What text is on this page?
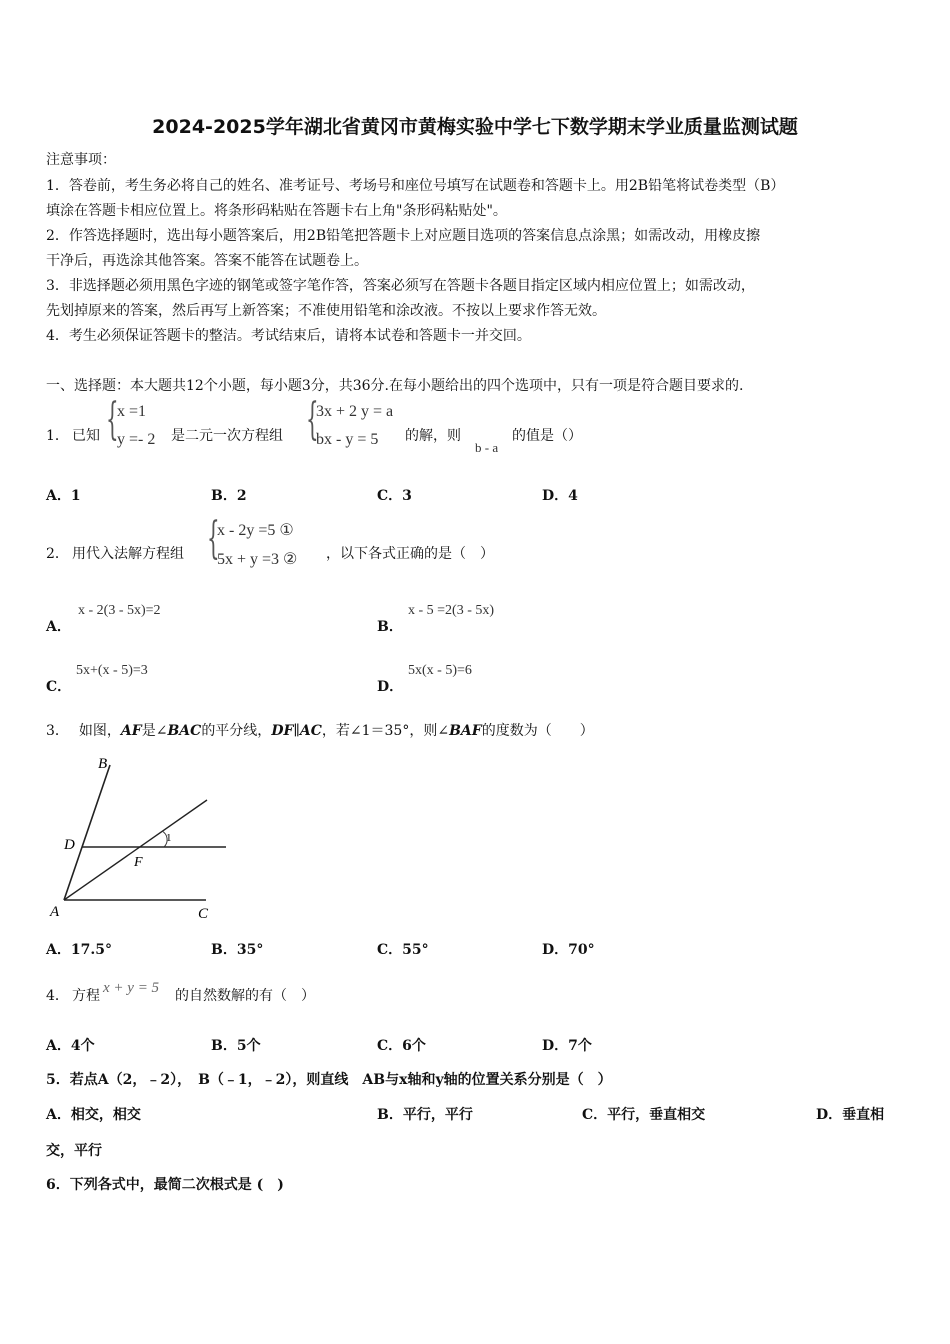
2024-2025学年湖北省黄冈市黄梅实验中学七下数学期末学业质量监测试题
注意事项：
1．答卷前，考生务必将自己的姓名、准考证号、考场号和座位号填写在试题卷和答题卡上。用2B铅笔将试卷类型（B）
填涂在答题卡相应位置上。将条形码粘贴在答题卡右上角"条形码粘贴处"。
2．作答选择题时，选出每小题答案后，用2B铅笔把答题卡上对应题目选项的答案信息点涂黑；如需改动，用橡皮擦
干净后，再选涂其他答案。答案不能答在试题卷上。
3．非选择题必须用黑色字迹的钢笔或签字笔作答，答案必须写在答题卡各题目指定区域内相应位置上；如需改动，
先划掉原来的答案，然后再写上新答案；不准使用铅笔和涂改液。不按以上要求作答无效。
4．考生必须保证答题卡的整洁。考试结束后，请将本试卷和答题卡一并交回。
一、选择题：本大题共12个小题，每小题3分，共36分.在每小题给出的四个选项中，只有一项是符合题目要求的.
1． 已知 {
x =1
y =- 2 是二元一次方程组 {
3x + 2 y = a
bx - y = 5 的解，则
b - a
的值是（）
A．1	B．2	C．3	D．4
2． 用代入法解方程组 {
x - 2y =5 ①
5x + y =3 ② ，以下各式正确的是（　）
A．
x - 2(3 - 5x)=2
B．
x - 5 =2(3 - 5x)
C．
5x+(x - 5)=3
D．
5x(x - 5)=6
3． 如图，AF是∠BAC的平分线，DF∥AC，若∠1＝35°，则∠BAF的度数为（　　）
B
D
F
A	C
1
A．17.5°	B．35°	C．55°	D．70°
4． 方程 x + y = 5 的自然数解的有（　）
A．4个	B．5个	C．6个	D．7个
5．若点A（2，﹣2），　B（﹣1，﹣2），则直线　AB与x轴和y轴的位置关系分别是（　）
A．相交，相交	B．平行，平行	C．平行，垂直相交	D．垂直相
交，平行
6．下列各式中，最简二次根式是 (　)
